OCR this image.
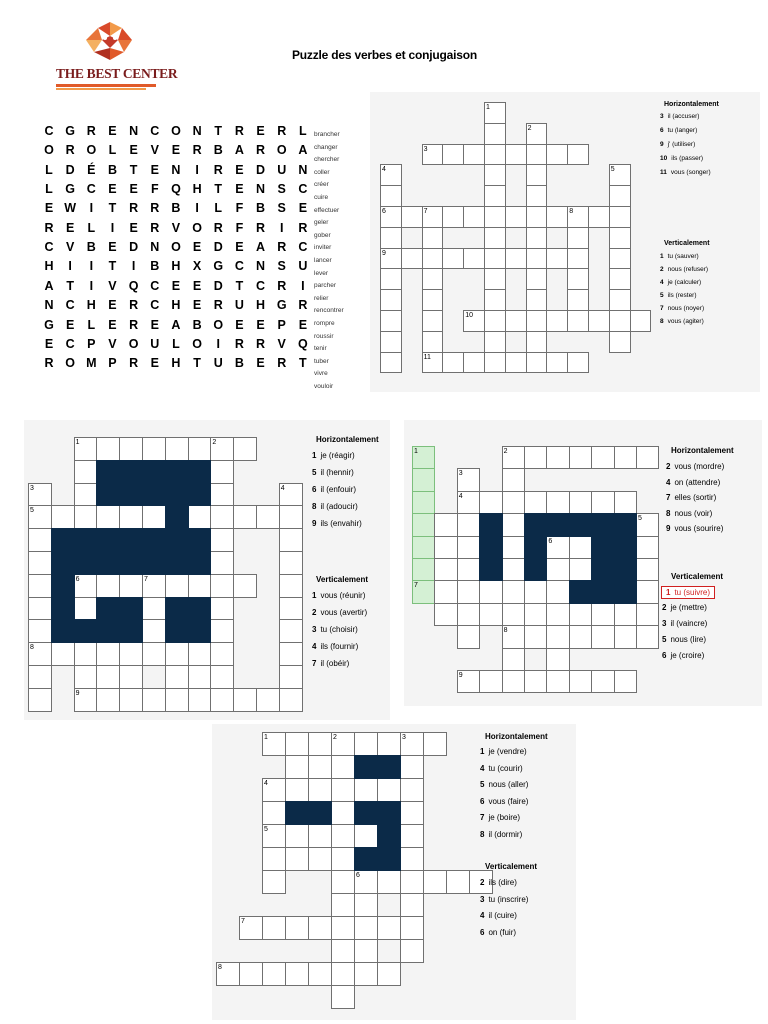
THE BEST CENTER
Puzzle des verbes et conjugaison
C G R E N C O N	T	R E R	L
O R O L	E	V	E R B A R O A
L	D É B	T	E N	I	R E D U N
L G C E	E	F Q H	T	E N S C
E W	I	T	R R B	I	L	F	B S	E
R E	L	I	E R V O R	F	R	I	R
C V B E D N O E D E A R C
H	I	I	T	I	B H X G C N S U
A	T	I	V Q C E	E D	T	C R	I
N C H E R C H E R U H G R
G E	L	E R E A B O E	E	P	E
E C P	V O U	L O	I	R R V Q
R O M P R E H	T	U B E R	T
brancher
changer
chercher
coller
créer
cuire
effectuer
geler
gober
inviter
lancer
lever
parcher
relier
rencontrer
rompre
roussir
tenir
tuber
vivre
vouloir
1
2
3
4	5
6	7	8
9
10
11
1	2
3	4
5
6	7
8
9
1	2
3
4
5
6
7
8
9
1	2	3
4
5
6
7
8
Horizontalement
3 il (accuser)
6 tu (langer)
9 j' (utiliser)
10 ils (passer)
11 vous (songer)
Verticalement
1 tu (sauver)
2 nous (refuser)
4 je (calculer)
5 ils (rester)
7 nous (noyer)
8 vous (agiter)
Horizontalement
1 je (réagir)
5 il (hennir)
6 il (enfouir)
8 il (adoucir)
9 ils (envahir)
Verticalement
1 vous (réunir)
2 vous (avertir)
3 tu (choisir)
4 ils (fournir)
7 il (obéir)
Horizontalement
2 vous (mordre)
4 on (attendre)
7 elles (sortir)
8 nous (voir)
9 vous (sourire)
Verticalement
1 tu (suivre)
2 je (mettre)
3 il (vaincre)
5 nous (lire)
6 je (croire)
Horizontalement
1 je (vendre)
4 tu (courir)
5 nous (aller)
6 vous (faire)
7 je (boire)
8 il (dormir)
Verticalement
2 ils (dire)
3 tu (inscrire)
4 il (cuire)
6 on (fuir)
